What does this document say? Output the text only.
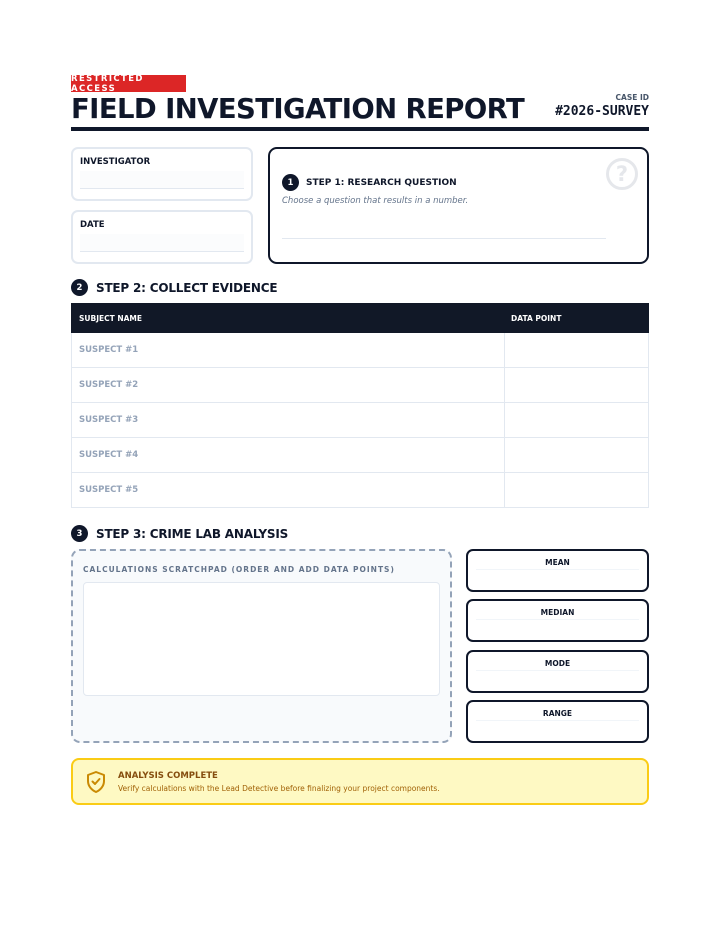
RESTRICTED ACCESS
FIELD INVESTIGATION REPORT	CASE ID
#2026-SURVEY
INVESTIGATOR
DATE
1	STEP 1: RESEARCH QUESTION
Choose a question that results in a number.
?
2	STEP 2: COLLECT EVIDENCE
SUBJECT NAME	DATA POINT
SUSPECT #1
SUSPECT #2
SUSPECT #3
SUSPECT #4
SUSPECT #5
3	STEP 3: CRIME LAB ANALYSIS
CALCULATIONS SCRATCHPAD (ORDER AND ADD DATA POINTS)
MEAN
MEDIAN
MODE
RANGE
ANALYSIS COMPLETE
Verify calculations with the Lead Detective before finalizing your project components.
